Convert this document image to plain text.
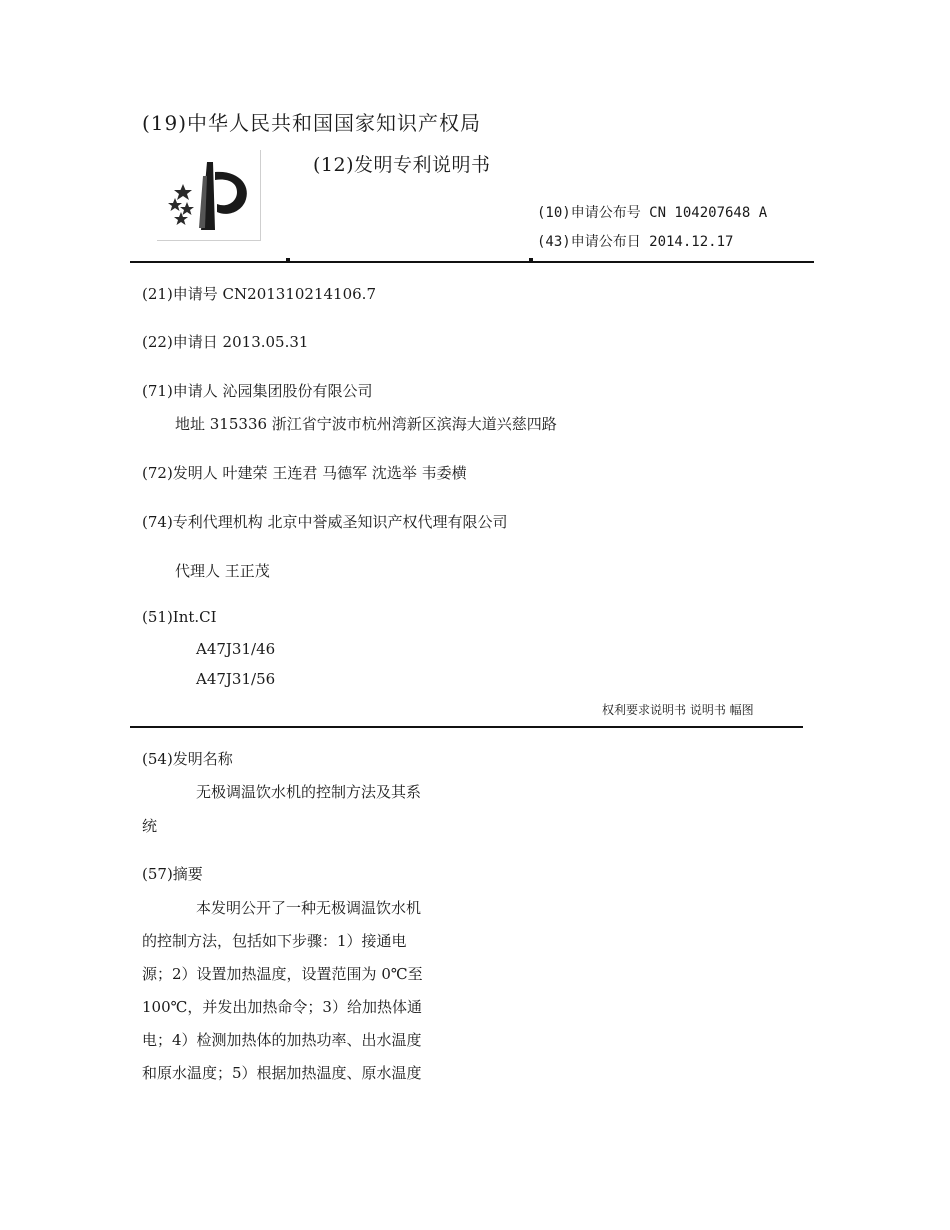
(19)中华人民共和国国家知识产权局
(12)发明专利说明书
(10)申请公布号 CN 104207648 A
(43)申请公布日 2014.12.17
(21)申请号 CN201310214106.7
(22)申请日 2013.05.31
(71)申请人 沁园集团股份有限公司
地址 315336 浙江省宁波市杭州湾新区滨海大道兴慈四路
(72)发明人 叶建荣 王连君 马德军 沈选举 韦委横
(74)专利代理机构 北京中誉威圣知识产权代理有限公司
代理人 王正茂
(51)Int.CI
A47J31/46
A47J31/56
权利要求说明书 说明书 幅图
(54)发明名称
无极调温饮水机的控制方法及其系
统
(57)摘要
本发明公开了一种无极调温饮水机
的控制方法，包括如下步骤：1）接通电
源；2）设置加热温度，设置范围为 0℃至
100℃，并发出加热命令；3）给加热体通
电；4）检测加热体的加热功率、出水温度
和原水温度；5）根据加热温度、原水温度
